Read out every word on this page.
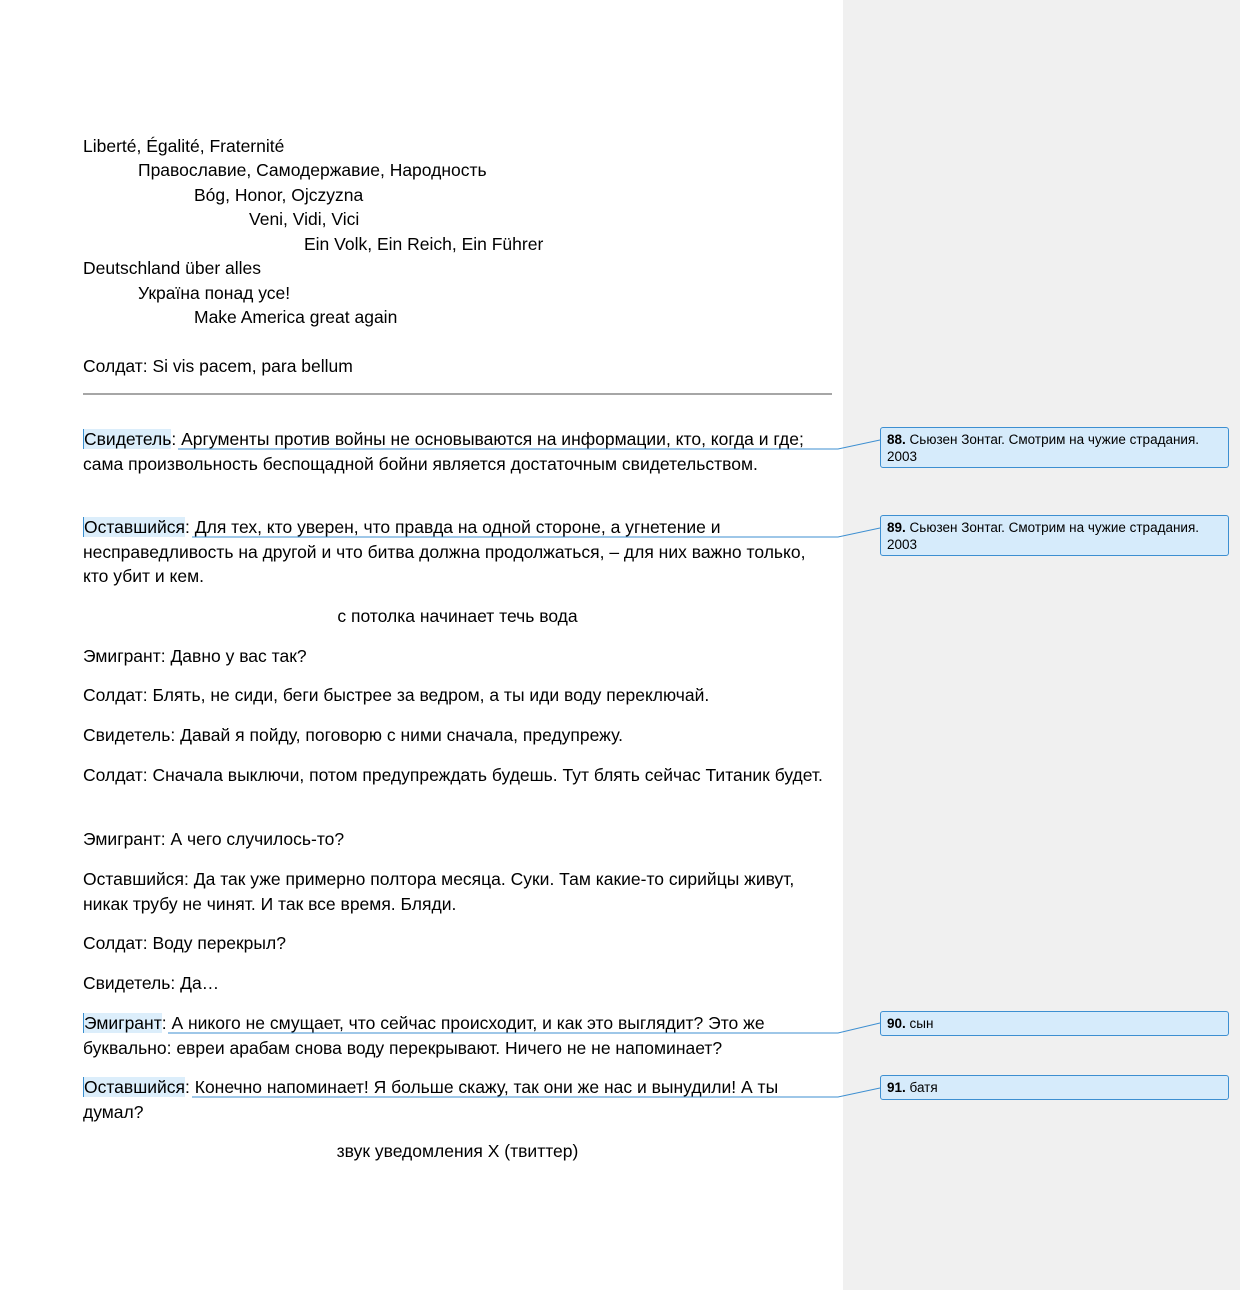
Liberté, Égalité, Fraternité

Православие, Самодержавие, Народность

Bóg, Honor, Ojczyzna

Veni, Vidi, Vici

Ein Volk, Ein Reich, Ein Führer

Deutschland über alles

Україна понад усе!

Make America great again

Солдат: Si vis pacem, para bellum

Свидетель: Аргументы против войны не основываются на информации, кто, когда и где; сама произвольность беспощадной бойни является достаточным свидетельством.

Оставшийся: Для тех, кто уверен, что правда на одной стороне, а угнетение и несправедливость на другой и что битва должна продолжаться, – для них важно только, кто убит и кем.

с потолка начинает течь вода

Эмигрант: Давно у вас так?

Солдат: Блять, не сиди, беги быстрее за ведром, а ты иди воду переключай.

Свидетель: Давай я пойду, поговорю с ними сначала, предупрежу.

Солдат: Сначала выключи, потом предупреждать будешь. Тут блять сейчас Титаник будет.

Эмигрант: А чего случилось-то?

Оставшийся: Да так уже примерно полтора месяца. Суки. Там какие-то сирийцы живут, никак трубу не чинят. И так все время. Бляди.

Солдат: Воду перекрыл?

Свидетель: Да…

Эмигрант: А никого не смущает, что сейчас происходит, и как это выглядит? Это же буквально: евреи арабам снова воду перекрывают. Ничего не не напоминает?

Оставшийся: Конечно напоминает! Я больше скажу, так они же нас и вынудили! А ты думал?

звук уведомления X (твиттер)

88. Сьюзен Зонтаг. Смотрим на чужие страдания. 2003
89. Сьюзен Зонтаг. Смотрим на чужие страдания. 2003
90. сын
91. батя
